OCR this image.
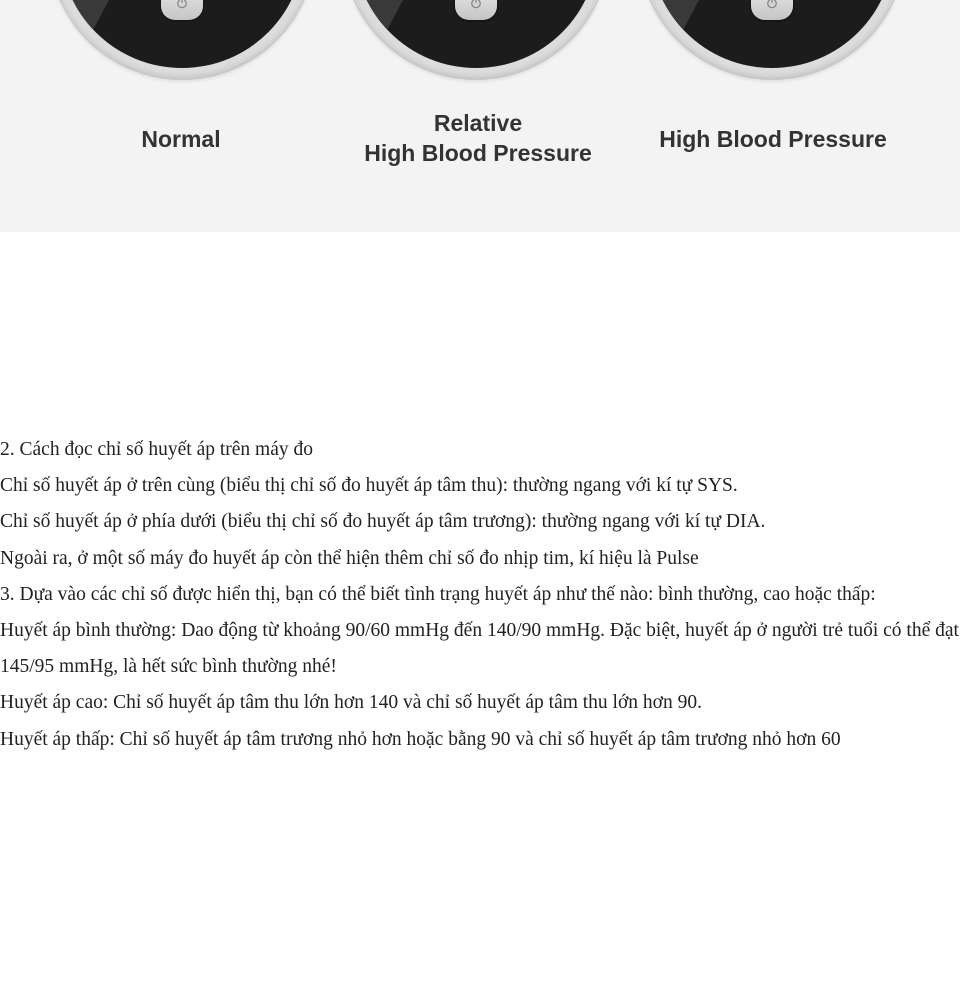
Normal
Relative
High Blood Pressure
High Blood Pressure

2. Cách đọc chỉ số huyết áp trên máy đo

Chỉ số huyết áp ở trên cùng (biểu thị chỉ số đo huyết áp tâm thu): thường ngang với kí tự SYS.

Chỉ số huyết áp ở phía dưới (biểu thị chỉ số đo huyết áp tâm trương): thường ngang với kí tự DIA.

Ngoài ra, ở một số máy đo huyết áp còn thể hiện thêm chỉ số đo nhịp tim, kí hiệu là Pulse

3. Dựa vào các chỉ số được hiển thị, bạn có thể biết tình trạng huyết áp như thế nào: bình thường, cao hoặc thấp:

Huyết áp bình thường: Dao động từ khoảng 90/60 mmHg đến 140/90 mmHg. Đặc biệt, huyết áp ở người trẻ tuổi có thể đạt 145/95 mmHg, là hết sức bình thường nhé!

Huyết áp cao: Chỉ số huyết áp tâm thu lớn hơn 140 và chỉ số huyết áp tâm thu lớn hơn 90.

Huyết áp thấp: Chỉ số huyết áp tâm trương nhỏ hơn hoặc bằng 90 và chỉ số huyết áp tâm trương nhỏ hơn 60
